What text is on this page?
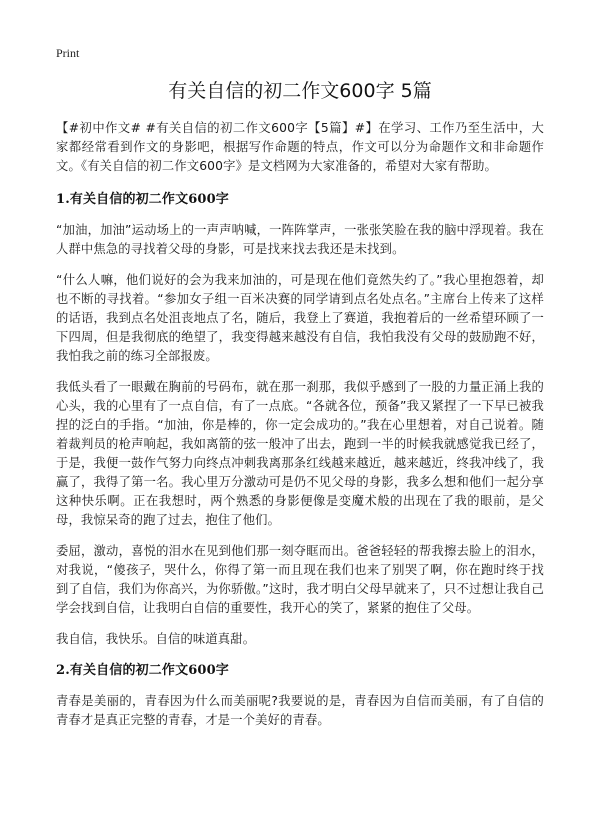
Print
有关自信的初二作文600字 5篇

【#初中作文# #有关自信的初二作文600字【5篇】#】在学习、工作乃至生活中，大家都经常看到作文的身影吧，根据写作命题的特点，作文可以分为命题作文和非命题作文。《有关自信的初二作文600字》是文档网为大家准备的，希望对大家有帮助。

1.有关自信的初二作文600字

“加油，加油”运动场上的一声声呐喊，一阵阵掌声，一张张笑脸在我的脑中浮现着。我在人群中焦急的寻找着父母的身影，可是找来找去我还是未找到。

“什么人嘛，他们说好的会为我来加油的，可是现在他们竟然失约了。”我心里抱怨着，却也不断的寻找着。“参加女子组一百米决赛的同学请到点名处点名。”主席台上传来了这样的话语，我到点名处沮丧地点了名，随后，我登上了赛道，我抱着后的一丝希望环顾了一下四周，但是我彻底的绝望了，我变得越来越没有自信，我怕我没有父母的鼓励跑不好，我怕我之前的练习全部报废。

我低头看了一眼戴在胸前的号码布，就在那一刹那，我似乎感到了一股的力量正涌上我的心头，我的心里有了一点自信，有了一点底。“各就各位，预备”我又紧捏了一下早已被我捏的泛白的手指。“加油，你是棒的，你一定会成功的。”我在心里想着，对自己说着。随着裁判员的枪声响起，我如离箭的弦一般冲了出去，跑到一半的时候我就感觉我已经了，于是，我便一鼓作气努力向终点冲刺我离那条红线越来越近，越来越近，终我冲线了，我赢了，我得了第一名。我心里万分激动可是仍不见父母的身影，我多么想和他们一起分享这种快乐啊。正在我想时，两个熟悉的身影便像是变魔术般的出现在了我的眼前，是父母，我惊呆奇的跑了过去，抱住了他们。

委屈，激动，喜悦的泪水在见到他们那一刻夺眶而出。爸爸轻轻的帮我擦去脸上的泪水，对我说，“傻孩子，哭什么，你得了第一而且现在我们也来了别哭了啊，你在跑时终于找到了自信，我们为你高兴，为你骄傲。”这时，我才明白父母早就来了，只不过想让我自己学会找到自信，让我明白自信的重要性，我开心的笑了，紧紧的抱住了父母。

我自信，我快乐。自信的味道真甜。

2.有关自信的初二作文600字

青春是美丽的，青春因为什么而美丽呢?我要说的是，青春因为自信而美丽，有了自信的青春才是真正完整的青春，才是一个美好的青春。
